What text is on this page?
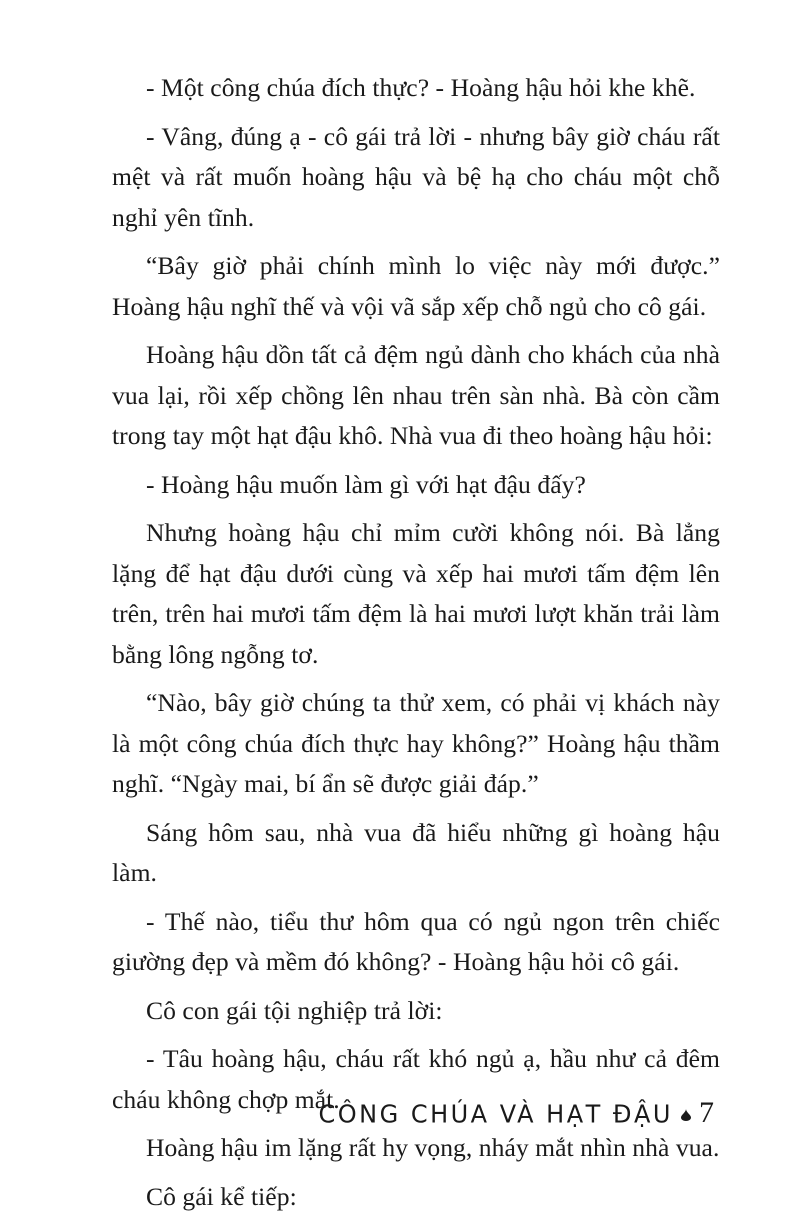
- Một công chúa đích thực? - Hoàng hậu hỏi khe khẽ.

- Vâng, đúng ạ - cô gái trả lời - nhưng bây giờ cháu rất mệt và rất muốn hoàng hậu và bệ hạ cho cháu một chỗ nghỉ yên tĩnh.

“Bây giờ phải chính mình lo việc này mới được.” Hoàng hậu nghĩ thế và vội vã sắp xếp chỗ ngủ cho cô gái.

Hoàng hậu dồn tất cả đệm ngủ dành cho khách của nhà vua lại, rồi xếp chồng lên nhau trên sàn nhà. Bà còn cầm trong tay một hạt đậu khô. Nhà vua đi theo hoàng hậu hỏi:

- Hoàng hậu muốn làm gì với hạt đậu đấy?

Nhưng hoàng hậu chỉ mỉm cười không nói. Bà lẳng lặng để hạt đậu dưới cùng và xếp hai mươi tấm đệm lên trên, trên hai mươi tấm đệm là hai mươi lượt khăn trải làm bằng lông ngỗng tơ.

“Nào, bây giờ chúng ta thử xem, có phải vị khách này là một công chúa đích thực hay không?” Hoàng hậu thầm nghĩ. “Ngày mai, bí ẩn sẽ được giải đáp.”

Sáng hôm sau, nhà vua đã hiểu những gì hoàng hậu làm.

- Thế nào, tiểu thư hôm qua có ngủ ngon trên chiếc giường đẹp và mềm đó không? - Hoàng hậu hỏi cô gái.

Cô con gái tội nghiệp trả lời:

- Tâu hoàng hậu, cháu rất khó ngủ ạ, hầu như cả đêm cháu không chợp mắt.

Hoàng hậu im lặng rất hy vọng, nháy mắt nhìn nhà vua.

Cô gái kể tiếp:

CÔNG CHÚA VÀ HẠT ĐẬU 7
